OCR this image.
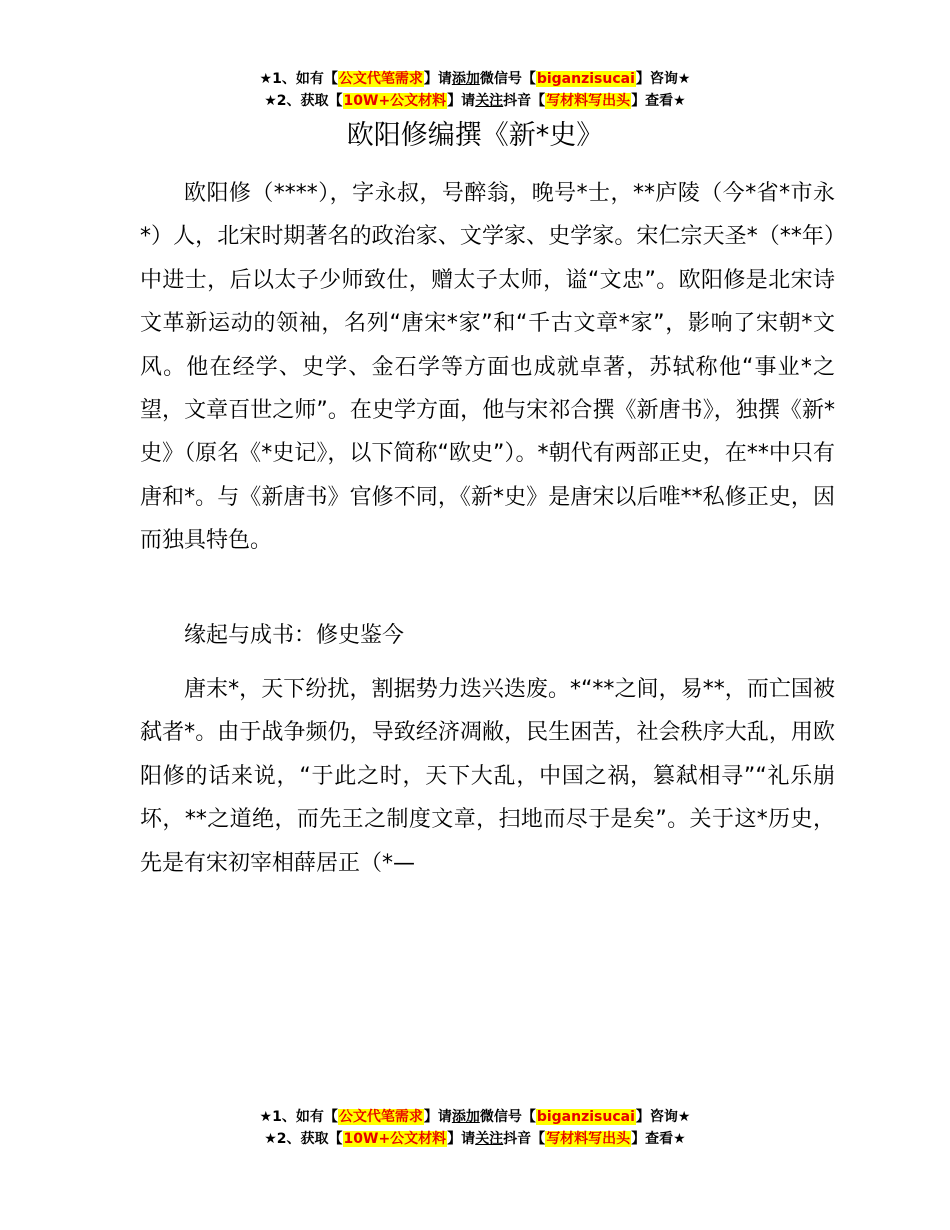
★1、如有【公文代笔需求】请添加微信号【biganzisucai】咨询★
★2、获取【10W+公文材料】请关注抖音【写材料写出头】查看★
欧阳修编撰《新*史》

欧阳修（****），字永叔，号醉翁，晚号*士，**庐陵（今*省*市永*）人，北宋时期著名的政治家、文学家、史学家。宋仁宗天圣*（**年）中进士，后以太子少师致仕，赠太子太师，谥“文忠”。欧阳修是北宋诗文革新运动的领袖，名列“唐宋*家”和“千古文章*家”，影响了宋朝*文风。他在经学、史学、金石学等方面也成就卓著，苏轼称他“事业*之望，文章百世之师”。在史学方面，他与宋祁合撰《新唐书》，独撰《新*史》（原名《*史记》，以下简称“欧史”）。*朝代有两部正史，在**中只有唐和*。与《新唐书》官修不同，《新*史》是唐宋以后唯**私修正史，因而独具特色。

缘起与成书：修史鉴今

唐末*，天下纷扰，割据势力迭兴迭废。*“**之间，易**，而亡国被弑者*。由于战争频仍，导致经济凋敝，民生困苦，社会秩序大乱，用欧阳修的话来说，“于此之时，天下大乱，中国之祸，篡弒相寻”“礼乐崩坏，**之道绝，而先王之制度文章，扫地而尽于是矣”。关于这*历史，先是有宋初宰相薛居正（*—

★1、如有【公文代笔需求】请添加微信号【biganzisucai】咨询★
★2、获取【10W+公文材料】请关注抖音【写材料写出头】查看★
